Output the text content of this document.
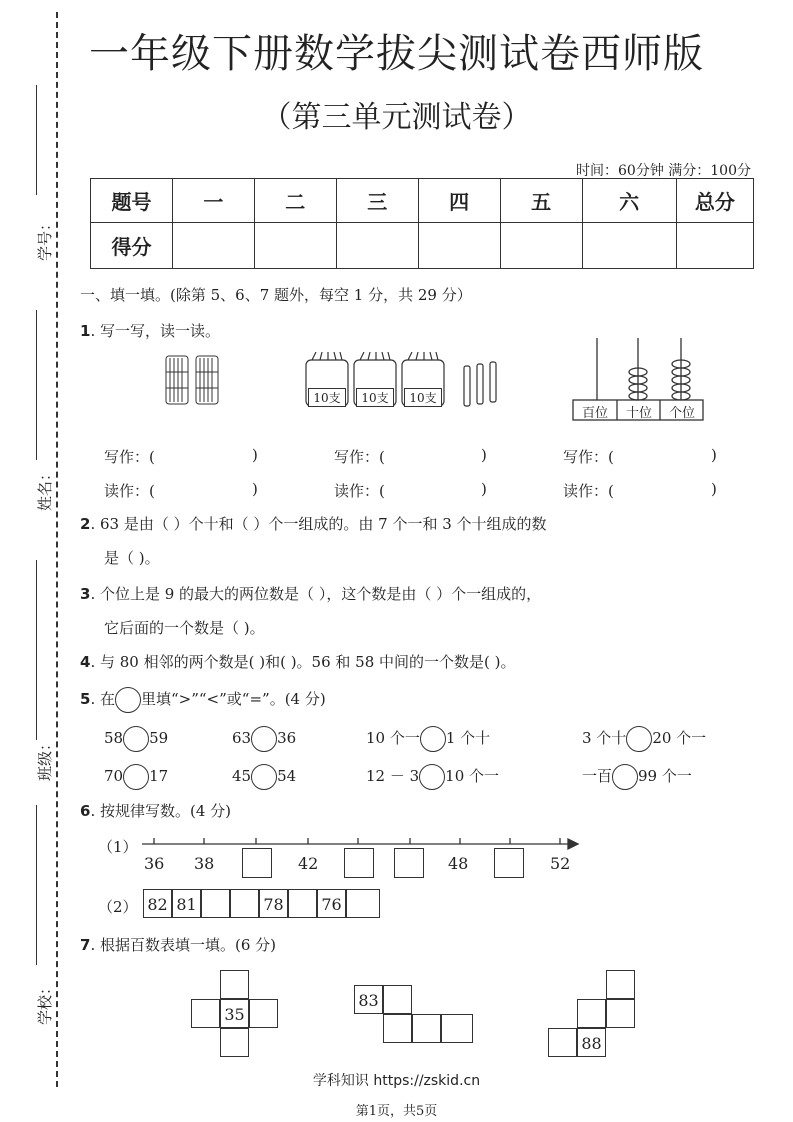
学号：
姓名：
班级：
学校：
一年级下册数学拔尖测试卷西师版
（第三单元测试卷）
时间：60分钟 满分：100分
题号	一	二	三	四	五	六	总分
得分							
一、填一填。(除第 5、6、7 题外，每空 1 分，共 29 分）
1. 写一写，读一读。
10支	10支	10支
百位	十位	个位
写作：(	)	写作：(	)	写作：(	)
读作：(	)	读作：(	)	读作：(	)
2. 63 是由（ ）个十和（ ）个一组成的。由 7 个一和 3 个十组成的数
是（ )。
3. 个位上是 9 的最大的两位数是（ ），这个数是由（ ）个一组成的，
它后面的一个数是（ )。
4. 与 80 相邻的两个数是( )和( )。56 和 58 中间的一个数是( )。
5. 在 里填“>”“<”或“=”。(4 分)
58 59	63 36	10 个一 1 个十	3 个十 20 个一
70 17	45 54	12 － 3 10 个一	一百 99 个一
6. 按规律写数。(4 分)
（1）
36 38	42	48	52
（2） 82 81	78 76
7. 根据百数表填一填。(6 分)
35
83
88
学科知识 https://zskid.cn
第1页，共5页
